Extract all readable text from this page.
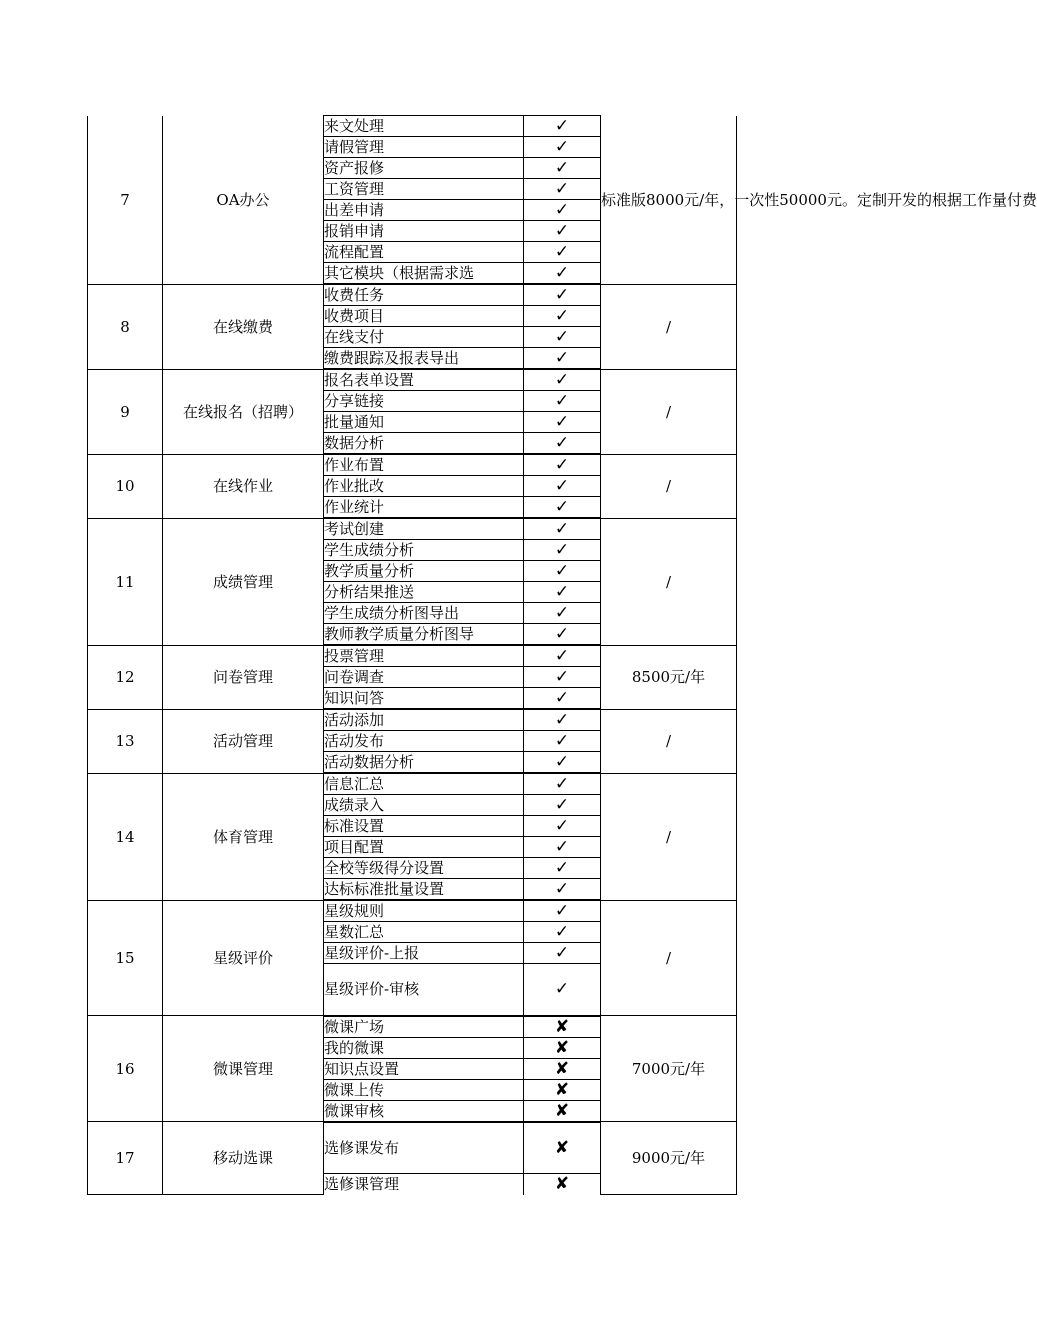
7	OA办公	来文处理	✓	标准版8000元/年，一次性50000元。定制开发的根据工作量付费
		请假管理	✓	
		资产报修	✓	
		工资管理	✓	
		出差申请	✓	
		报销申请	✓	
		流程配置	✓	
		其它模块（根据需求选	✓	
8	在线缴费	收费任务	✓	/
		收费项目	✓	
		在线支付	✓	
		缴费跟踪及报表导出	✓	
9	在线报名（招聘）	报名表单设置	✓	/
		分享链接	✓	
		批量通知	✓	
		数据分析	✓	
10	在线作业	作业布置	✓	/
		作业批改	✓	
		作业统计	✓	
11	成绩管理	考试创建	✓	/
		学生成绩分析	✓	
		教学质量分析	✓	
		分析结果推送	✓	
		学生成绩分析图导出	✓	
		教师教学质量分析图导	✓	
12	问卷管理	投票管理	✓	8500元/年
		问卷调查	✓	
		知识问答	✓	
13	活动管理	活动添加	✓	/
		活动发布	✓	
		活动数据分析	✓	
14	体育管理	信息汇总	✓	/
		成绩录入	✓	
		标准设置	✓	
		项目配置	✓	
		全校等级得分设置	✓	
		达标标准批量设置	✓	
15	星级评价	星级规则	✓	/
		星数汇总	✓	
		星级评价-上报	✓	
		星级评价-审核	✓	
16	微课管理	微课广场	✘	7000元/年
		我的微课	✘	
		知识点设置	✘	
		微课上传	✘	
		微课审核	✘	
17	移动选课	选修课发布	✘	9000元/年
		选修课管理	✘	
